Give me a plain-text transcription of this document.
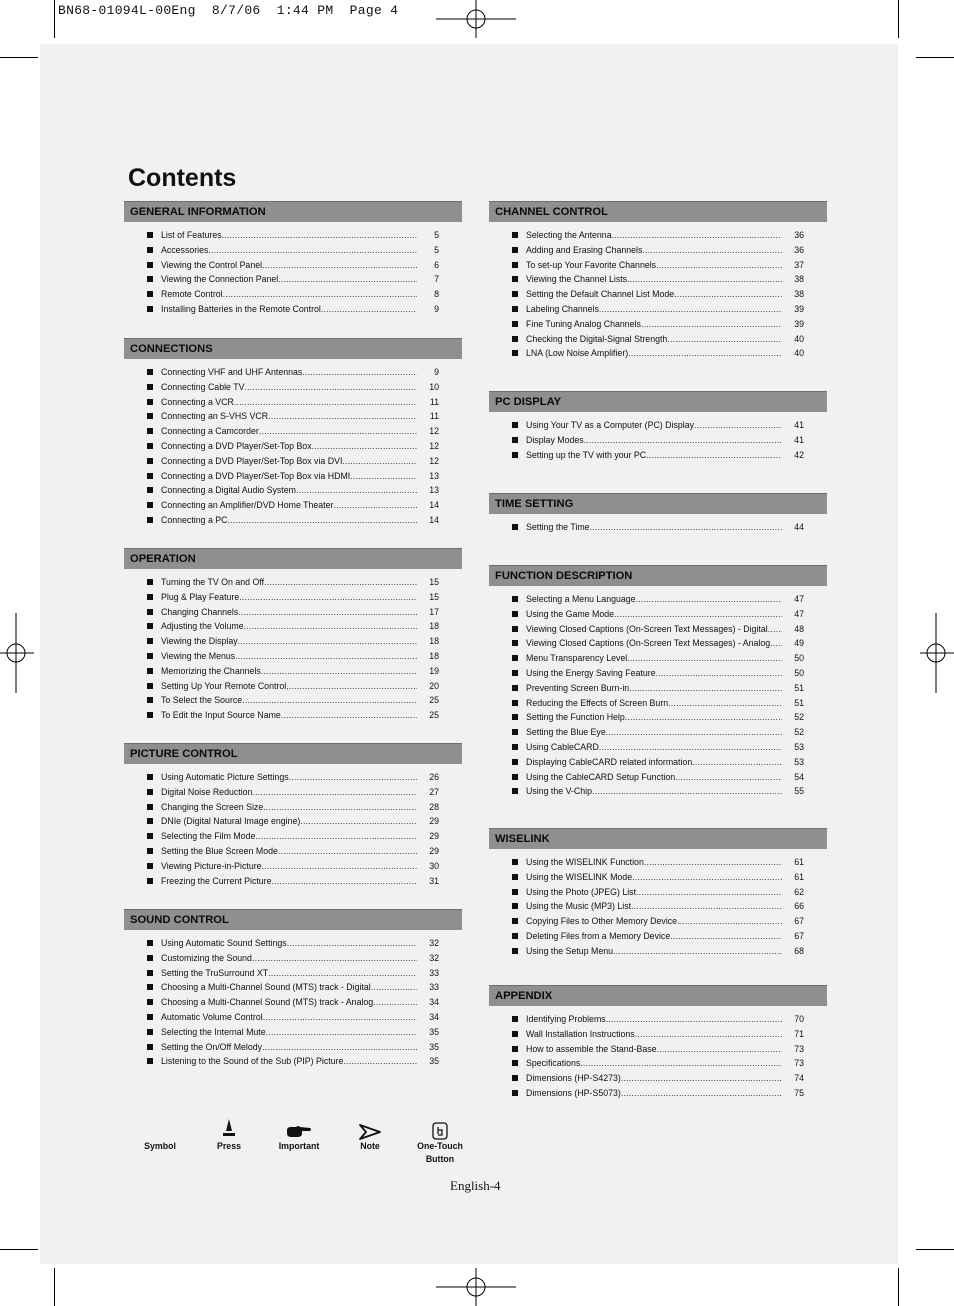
BN68-01094L-00Eng  8/7/06  1:44 PM  Page 4
Contents
GENERAL INFORMATION
List of Features .....	5
Accessories .....	5
Viewing the Control Panel .....	6
Viewing the Connection Panel .....	7
Remote Control .....	8
Installing Batteries in the Remote Control .....	9
CONNECTIONS
Connecting VHF and UHF Antennas .....	9
Connecting Cable TV .....	10
Connecting a VCR .....	11
Connecting an S-VHS VCR .....	11
Connecting a Camcorder .....	12
Connecting a DVD Player/Set-Top Box .....	12
Connecting a DVD Player/Set-Top Box via DVI .....	12
Connecting a DVD Player/Set-Top Box via HDMI .....	13
Connecting a Digital Audio System .....	13
Connecting an Amplifier/DVD Home Theater .....	14
Connecting a PC .....	14
OPERATION
Turning the TV On and Off .....	15
Plug & Play Feature .....	15
Changing Channels .....	17
Adjusting the Volume .....	18
Viewing the Display .....	18
Viewing the Menus .....	18
Memorizing the Channels .....	19
Setting Up Your Remote Control .....	20
To Select the Source .....	25
To Edit the Input Source Name .....	25
PICTURE CONTROL
Using Automatic Picture Settings .....	26
Digital Noise Reduction .....	27
Changing the Screen Size .....	28
DNIe (Digital Natural Image engine) .....	29
Selecting the Film Mode .....	29
Setting the Blue Screen Mode .....	29
Viewing Picture-in-Picture .....	30
Freezing the Current Picture .....	31
SOUND CONTROL
Using Automatic Sound Settings .....	32
Customizing the Sound .....	32
Setting the TruSurround XT .....	33
Choosing a Multi-Channel Sound (MTS) track - Digital .....	33
Choosing a Multi-Channel Sound (MTS) track - Analog .....	34
Automatic Volume Control .....	34
Selecting the Internal Mute .....	35
Setting the On/Off Melody .....	35
Listening to the Sound of the Sub (PIP) Picture .....	35
CHANNEL CONTROL
Selecting the Antenna .....	36
Adding and Erasing Channels .....	36
To set-up Your Favorite Channels .....	37
Viewing the Channel Lists .....	38
Setting the Default Channel List Mode .....	38
Labeling Channels .....	39
Fine Tuning Analog Channels .....	39
Checking the Digital-Signal Strength .....	40
LNA (Low Noise Amplifier) .....	40
PC DISPLAY
Using Your TV as a Computer (PC) Display .....	41
Display Modes .....	41
Setting up the TV with your PC .....	42
TIME SETTING
Setting the Time .....	44
FUNCTION DESCRIPTION
Selecting a Menu Language .....	47
Using the Game Mode .....	47
Viewing Closed Captions (On-Screen Text Messages) - Digital .....	48
Viewing Closed Captions (On-Screen Text Messages) - Analog .....	49
Menu Transparency Level .....	50
Using the Energy Saving Feature .....	50
Preventing Screen Burn-in .....	51
Reducing the Effects of Screen Burn .....	51
Setting the Function Help .....	52
Setting the Blue Eye .....	52
Using CableCARD .....	53
Displaying CableCARD related information .....	53
Using the CableCARD Setup Function .....	54
Using the V-Chip .....	55
WISELINK
Using the WISELINK Function .....	61
Using the WISELINK Mode .....	61
Using the Photo (JPEG) List .....	62
Using the Music (MP3) List .....	66
Copying Files to Other Memory Device .....	67
Deleting Files from a Memory Device .....	67
Using the Setup Menu .....	68
APPENDIX
Identifying Problems .....	70
Wall Installation Instructions .....	71
How to assemble the Stand-Base .....	73
Specifications .....	73
Dimensions (HP-S4273) .....	74
Dimensions (HP-S5073) .....	75
Symbol	Press	Important	Note	One-Touch Button
English-4
